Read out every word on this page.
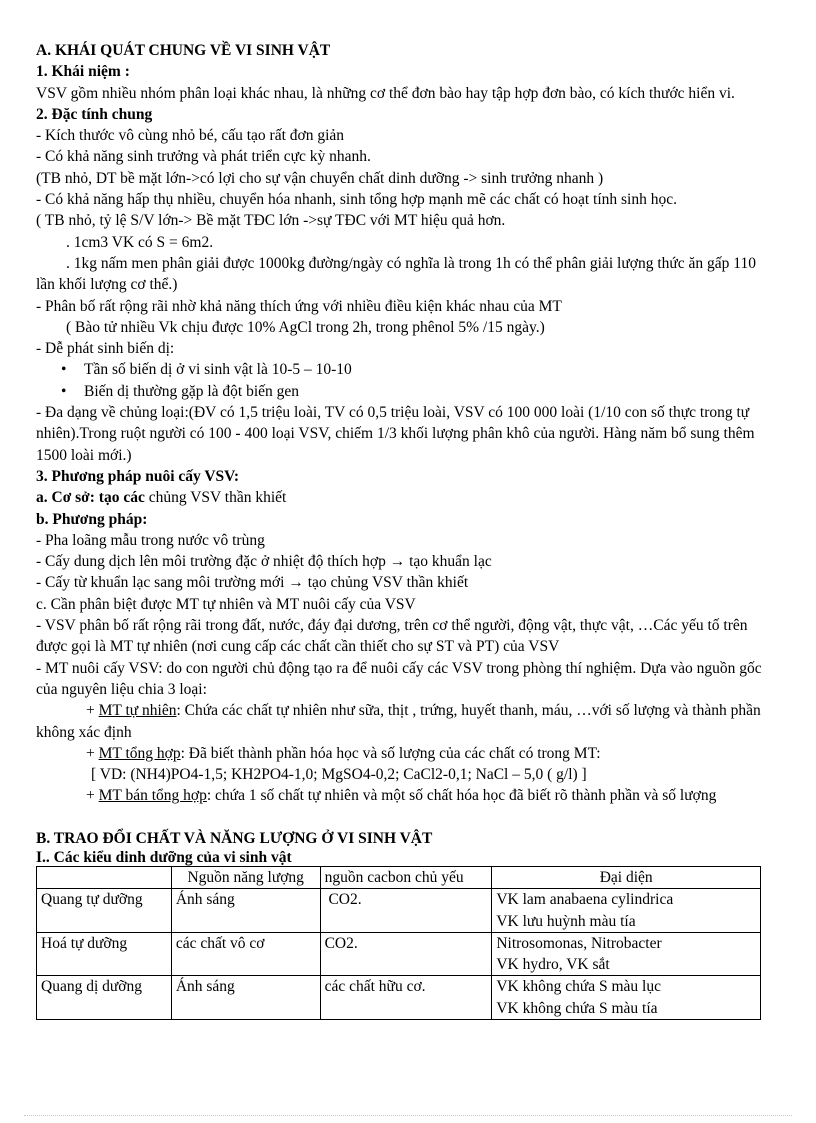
A. KHÁI QUÁT CHUNG VỀ VI SINH VẬT
1. Khái niệm :
VSV gồm nhiều nhóm phân loại khác nhau, là những cơ thể đơn bào hay tập hợp đơn bào, có kích thước hiển vi.
2. Đặc tính chung
- Kích thước vô cùng nhỏ bé, cấu tạo rất đơn giản
- Có khả năng sinh trưởng và phát triển cực kỳ nhanh.
(TB nhỏ, DT bề mặt lớn->có lợi cho sự vận chuyển chất dinh dưỡng -> sinh trưởng nhanh )
- Có khả năng hấp thụ nhiều, chuyển hóa nhanh, sinh tổng hợp mạnh mẽ các chất có hoạt tính sinh học.
( TB nhỏ, tỷ lệ S/V lớn-> Bề mặt TĐC lớn ->sự TĐC với MT hiệu quả hơn.
. 1cm3 VK có S = 6m2.
. 1kg nấm men phân giải được 1000kg đường/ngày có nghĩa là trong 1h có thể phân giải lượng thức ăn gấp 110 lần khối lượng cơ thể.)
- Phân bố rất rộng rãi nhờ khả năng thích ứng với nhiều điều kiện khác nhau của MT
( Bào tử nhiều Vk chịu được 10% AgCl trong 2h, trong phênol 5% /15 ngày.)
- Dễ phát sinh biến dị:
• Tần số biến dị ở vi sinh vật là 10-5 – 10-10
• Biến dị thường gặp là đột biến gen
- Đa dạng về chủng loại:(ĐV có 1,5 triệu loài, TV có 0,5 triệu loài, VSV có 100 000 loài (1/10 con số thực trong tự nhiên).Trong ruột người có 100 - 400 loại VSV, chiếm 1/3 khối lượng phân khô của người. Hàng năm bổ sung thêm 1500 loài mới.)
3. Phương pháp nuôi cấy VSV:
a. Cơ sở: tạo các chủng VSV thần khiết
b. Phương pháp:
- Pha loãng mẫu trong nước vô trùng
- Cấy dung dịch lên môi trường đặc ở nhiệt độ thích hợp → tạo khuẩn lạc
- Cấy từ khuẩn lạc sang môi trường mới → tạo chủng VSV thần khiết
c. Cần phân biệt được MT tự nhiên và MT nuôi cấy của VSV
- VSV phân bố rất rộng rãi trong đất, nước, đáy đại dương, trên cơ thể người, động vật, thực vật, …Các yếu tố trên được gọi là MT tự nhiên (nơi cung cấp các chất cần thiết cho sự ST và PT) của VSV
- MT nuôi cấy VSV: do con người chủ động tạo ra để nuôi cấy các VSV trong phòng thí nghiệm. Dựa vào nguồn gốc của nguyên liệu chia 3 loại:
+ MT tự nhiên: Chứa các chất tự nhiên như sữa, thịt , trứng, huyết thanh, máu, …với số lượng và thành phần không xác định
+ MT tổng hợp: Đã biết thành phần hóa học và số lượng của các chất có trong MT:
[ VD: (NH4)PO4-1,5; KH2PO4-1,0; MgSO4-0,2; CaCl2-0,1; NaCl – 5,0 ( g/l) ]
+ MT bán tổng hợp: chứa 1 số chất tự nhiên và một số chất hóa học đã biết rõ thành phần và số lượng
B. TRAO ĐỔI CHẤT VÀ NĂNG LƯỢNG Ở VI SINH VẬT
I.. Các kiểu dinh dưỡng của vi sinh vật
	Nguồn năng lượng	nguồn cacbon chủ yếu	Đại diện
Quang tự dưỡng	Ánh sáng	CO2.	VK lam anabaena cylindrica
VK lưu huỳnh màu tía

Hoá tự dưỡng	các chất vô cơ	CO2.	Nitrosomonas, Nitrobacter
VK hydro, VK sắt

Quang dị dưỡng	Ánh sáng	các chất hữu cơ.	VK không chứa S màu lục
VK không chứa S màu tía
